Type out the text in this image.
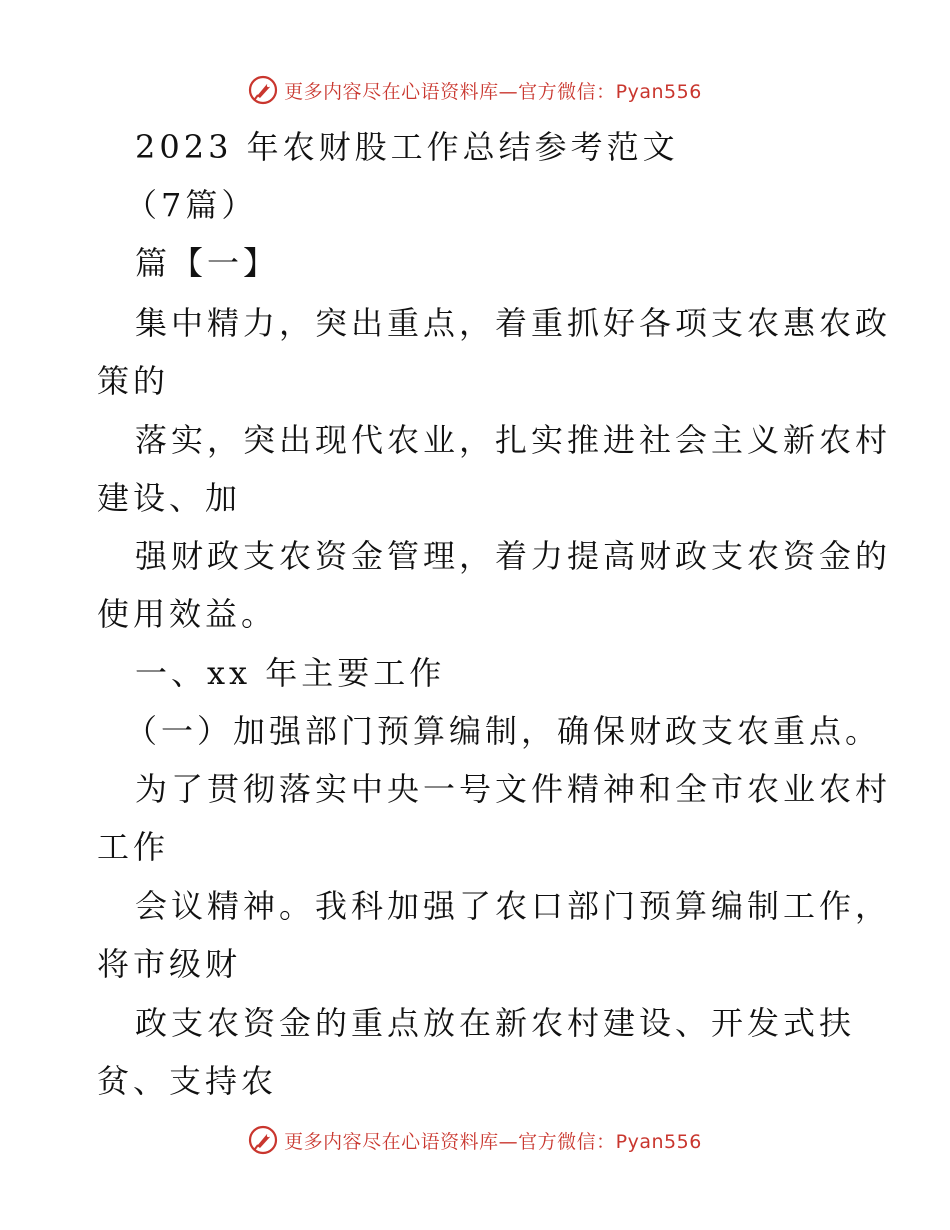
更多内容尽在心语资料库—官方微信：Pyan556
2023 年农财股工作总结参考范文
（7篇）
篇【一】
集中精力，突出重点，着重抓好各项支农惠农政
策的
落实，突出现代农业，扎实推进社会主义新农村
建设、加
强财政支农资金管理，着力提高财政支农资金的
使用效益。
一、xx 年主要工作
（一）加强部门预算编制，确保财政支农重点。
为了贯彻落实中央一号文件精神和全市农业农村
工作
会议精神。我科加强了农口部门预算编制工作，
将市级财
政支农资金的重点放在新农村建设、开发式扶
贫、支持农
更多内容尽在心语资料库—官方微信：Pyan556
